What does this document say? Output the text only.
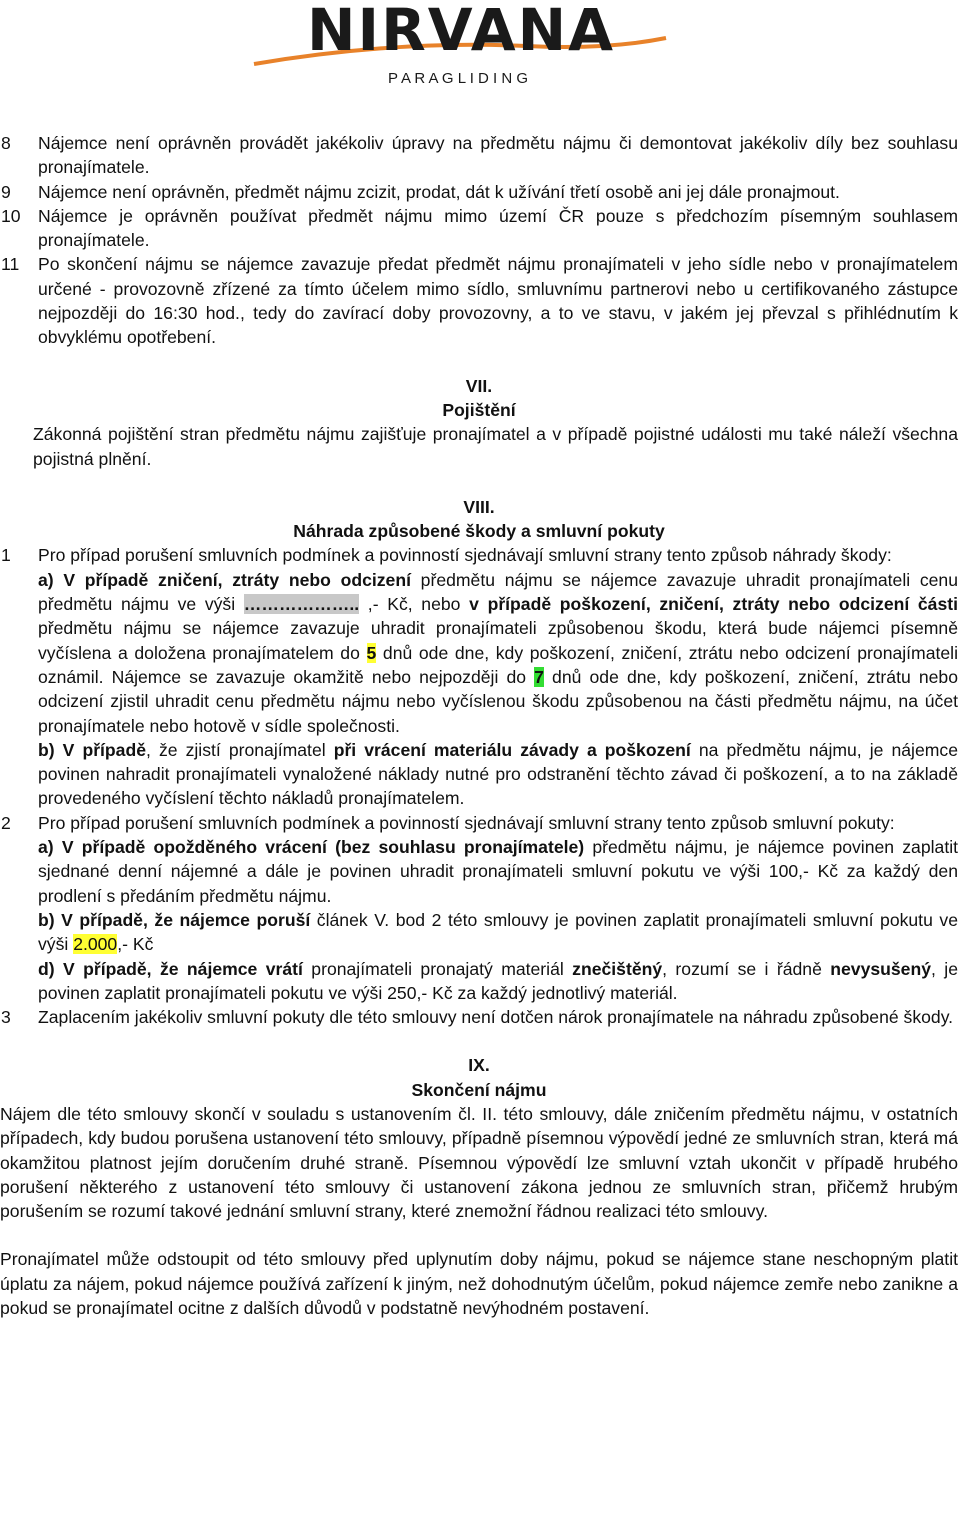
NIRVANA
P A R A G L I D I N G
8	Nájemce není oprávněn provádět jakékoliv úpravy na předmětu nájmu či demontovat jakékoliv díly bez souhlasu pronajímatele.
9	Nájemce není oprávněn, předmět nájmu zcizit, prodat, dát k užívání třetí osobě ani jej dále pronajmout.
10 Nájemce je oprávněn používat předmět nájmu mimo území ČR pouze s předchozím písemným souhlasem pronajímatele.
11	Po skončení nájmu se nájemce zavazuje předat předmět nájmu pronajímateli v jeho sídle nebo v pronajímatelem určené - provozovně zřízené za tímto účelem mimo sídlo, smluvnímu partnerovi nebo u certifikovaného zástupce nejpozději do 16:30 hod., tedy do zavírací doby provozovny, a to ve stavu, v jakém jej převzal s přihlédnutím k obvyklému opotřebení.
VII.
Pojištění
Zákonná pojištění stran předmětu nájmu zajišťuje pronajímatel a v případě pojistné události mu také náleží všechna pojistná plnění.
VIII.
Náhrada způsobené škody a smluvní pokuty
1	Pro případ porušení smluvních podmínek a povinností sjednávají smluvní strany tento způsob náhrady škody:

a) V případě zničení, ztráty nebo odcizení předmětu nájmu se nájemce zavazuje uhradit pronajímateli cenu předmětu nájmu ve výši ……………….. ,- Kč, nebo v případě poškození, zničení, ztráty nebo odcizení části předmětu nájmu se nájemce zavazuje uhradit pronajímateli způsobenou škodu, která bude nájemci písemně vyčíslena a doložena pronajímatelem do 5 dnů ode dne, kdy poškození, zničení, ztrátu nebo odcizení pronajímateli oznámil. Nájemce se zavazuje okamžitě nebo nejpozději do 7 dnů ode dne, kdy poškození, zničení, ztrátu nebo odcizení zjistil uhradit cenu předmětu nájmu nebo vyčíslenou škodu způsobenou na části předmětu nájmu, na účet pronajímatele nebo hotově v sídle společnosti.

b) V případě, že zjistí pronajímatel při vrácení materiálu závady a poškození na předmětu nájmu, je nájemce povinen nahradit pronajímateli vynaložené náklady nutné pro odstranění těchto závad či poškození, a to na základě provedeného vyčíslení těchto nákladů pronajímatelem.

2	Pro případ porušení smluvních podmínek a povinností sjednávají smluvní strany tento způsob smluvní pokuty:

a) V případě opožděného vrácení (bez souhlasu pronajímatele) předmětu nájmu, je nájemce povinen zaplatit sjednané denní nájemné a dále je povinen uhradit pronajímateli smluvní pokutu ve výši 100,- Kč za každý den prodlení s předáním předmětu nájmu.

b) V případě, že nájemce poruší článek V. bod 2 této smlouvy je povinen zaplatit pronajímateli smluvní pokutu ve výši 2.000,- Kč

d) V případě, že nájemce vrátí pronajímateli pronajatý materiál znečištěný, rozumí se i řádně nevysušený, je povinen zaplatit pronajímateli pokutu ve výši 250,- Kč za každý jednotlivý materiál.

3	Zaplacením jakékoliv smluvní pokuty dle této smlouvy není dotčen nárok pronajímatele na náhradu způsobené škody.
IX.
Skončení nájmu

Nájem dle této smlouvy skončí v souladu s ustanovením čl. II. této smlouvy, dále zničením předmětu nájmu, v ostatních případech, kdy budou porušena ustanovení této smlouvy, případně písemnou výpovědí jedné ze smluvních stran, která má okamžitou platnost jejím doručením druhé straně. Písemnou výpovědí lze smluvní vztah ukončit v případě hrubého porušení některého z ustanovení této smlouvy či ustanovení zákona jednou ze smluvních stran, přičemž hrubým porušením se rozumí takové jednání smluvní strany, které znemožní řádnou realizaci této smlouvy.

Pronajímatel může odstoupit od této smlouvy před uplynutím doby nájmu, pokud se nájemce stane neschopným platit úplatu za nájem, pokud nájemce používá zařízení k jiným, než dohodnutým účelům, pokud nájemce zemře nebo zanikne a pokud se pronajímatel ocitne z dalších důvodů v podstatně nevýhodném postavení.
